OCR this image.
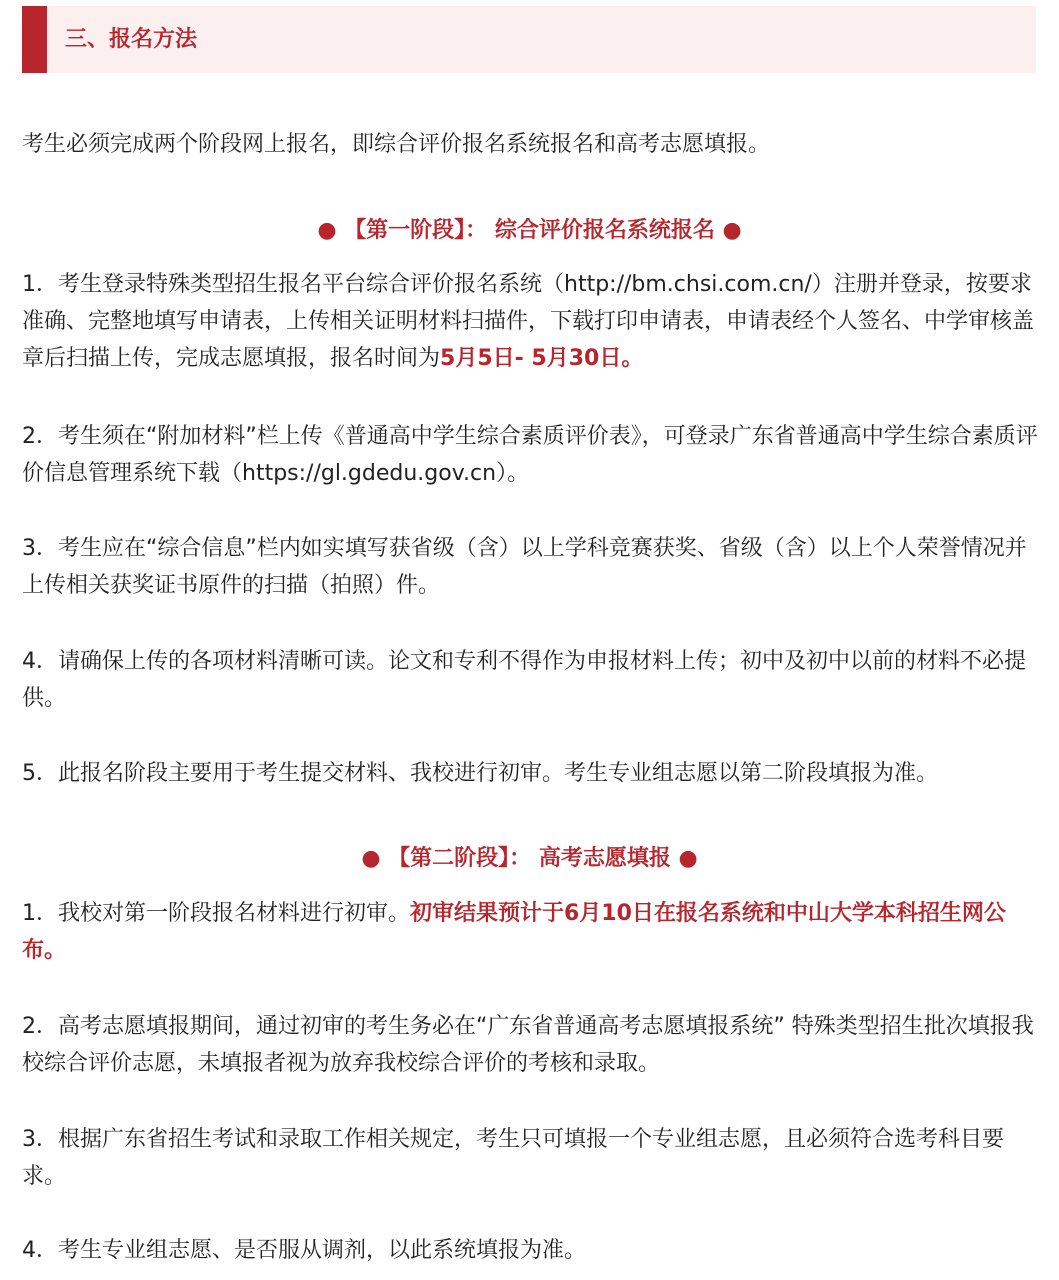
三、报名方法

考生必须完成两个阶段网上报名，即综合评价报名系统报名和高考志愿填报。

● 【第一阶段】： 综合评价报名系统报名 ●

1．考生登录特殊类型招生报名平台综合评价报名系统（http://bm.chsi.com.cn/）注册并登录，按要求准确、完整地填写申请表，上传相关证明材料扫描件，下载打印申请表，申请表经个人签名、中学审核盖章后扫描上传，完成志愿填报，报名时间为5月5日- 5月30日。

2．考生须在“附加材料”栏上传《普通高中学生综合素质评价表》，可登录广东省普通高中学生综合素质评价信息管理系统下载（https://gl.gdedu.gov.cn）。

3．考生应在“综合信息”栏内如实填写获省级（含）以上学科竞赛获奖、省级（含）以上个人荣誉情况并上传相关获奖证书原件的扫描（拍照）件。

4．请确保上传的各项材料清晰可读。论文和专利不得作为申报材料上传；初中及初中以前的材料不必提供。

5．此报名阶段主要用于考生提交材料、我校进行初审。考生专业组志愿以第二阶段填报为准。

● 【第二阶段】： 高考志愿填报 ●

1．我校对第一阶段报名材料进行初审。初审结果预计于6月10日在报名系统和中山大学本科招生网公布。

2．高考志愿填报期间，通过初审的考生务必在“广东省普通高考志愿填报系统” 特殊类型招生批次填报我校综合评价志愿，未填报者视为放弃我校综合评价的考核和录取。

3．根据广东省招生考试和录取工作相关规定，考生只可填报一个专业组志愿，且必须符合选考科目要求。

4．考生专业组志愿、是否服从调剂，以此系统填报为准。
